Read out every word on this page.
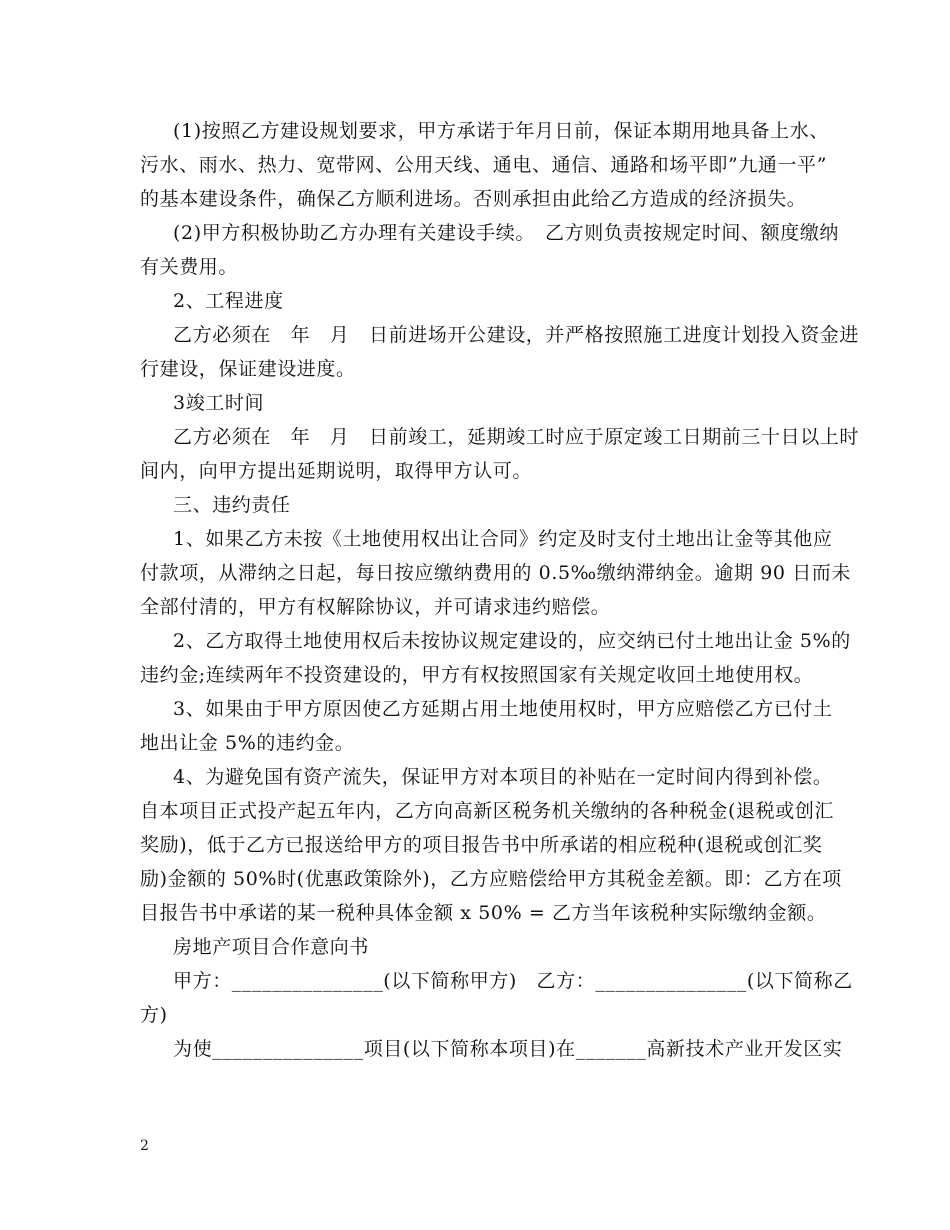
(1)按照乙方建设规划要求，甲方承诺于年月日前，保证本期用地具备上水、
污水、雨水、热力、宽带网、公用天线、通电、通信、通路和场平即”九通一平”
的基本建设条件，确保乙方顺利进场。否则承担由此给乙方造成的经济损失。
(2)甲方积极协助乙方办理有关建设手续。　乙方则负责按规定时间、额度缴纳
有关费用。
2、工程进度
乙方必须在　年　月　日前进场开公建设，并严格按照施工进度计划投入资金进
行建设，保证建设进度。
3竣工时间
乙方必须在　年　月　日前竣工，延期竣工时应于原定竣工日期前三十日以上时
间内，向甲方提出延期说明，取得甲方认可。
三、违约责任
1、如果乙方未按《土地使用权出让合同》约定及时支付土地出让金等其他应
付款项，从滞纳之日起，每日按应缴纳费用的 0.5‰缴纳滞纳金。逾期 90 日而未
全部付清的，甲方有权解除协议，并可请求违约赔偿。
2、乙方取得土地使用权后未按协议规定建设的，应交纳已付土地出让金 5%的
违约金;连续两年不投资建设的，甲方有权按照国家有关规定收回土地使用权。
3、如果由于甲方原因使乙方延期占用土地使用权时，甲方应赔偿乙方已付土
地出让金 5%的违约金。
4、为避免国有资产流失，保证甲方对本项目的补贴在一定时间内得到补偿。
自本项目正式投产起五年内，乙方向高新区税务机关缴纳的各种税金(退税或创汇
奖励)，低于乙方已报送给甲方的项目报告书中所承诺的相应税种(退税或创汇奖
励)金额的 50%时(优惠政策除外)，乙方应赔偿给甲方其税金差额。即：乙方在项
目报告书中承诺的某一税种具体金额 x 50% = 乙方当年该税种实际缴纳金额。
房地产项目合作意向书
甲方：_______________(以下简称甲方)　乙方：_______________(以下简称乙
方)
为使_______________项目(以下简称本项目)在_______高新技术产业开发区实
2
